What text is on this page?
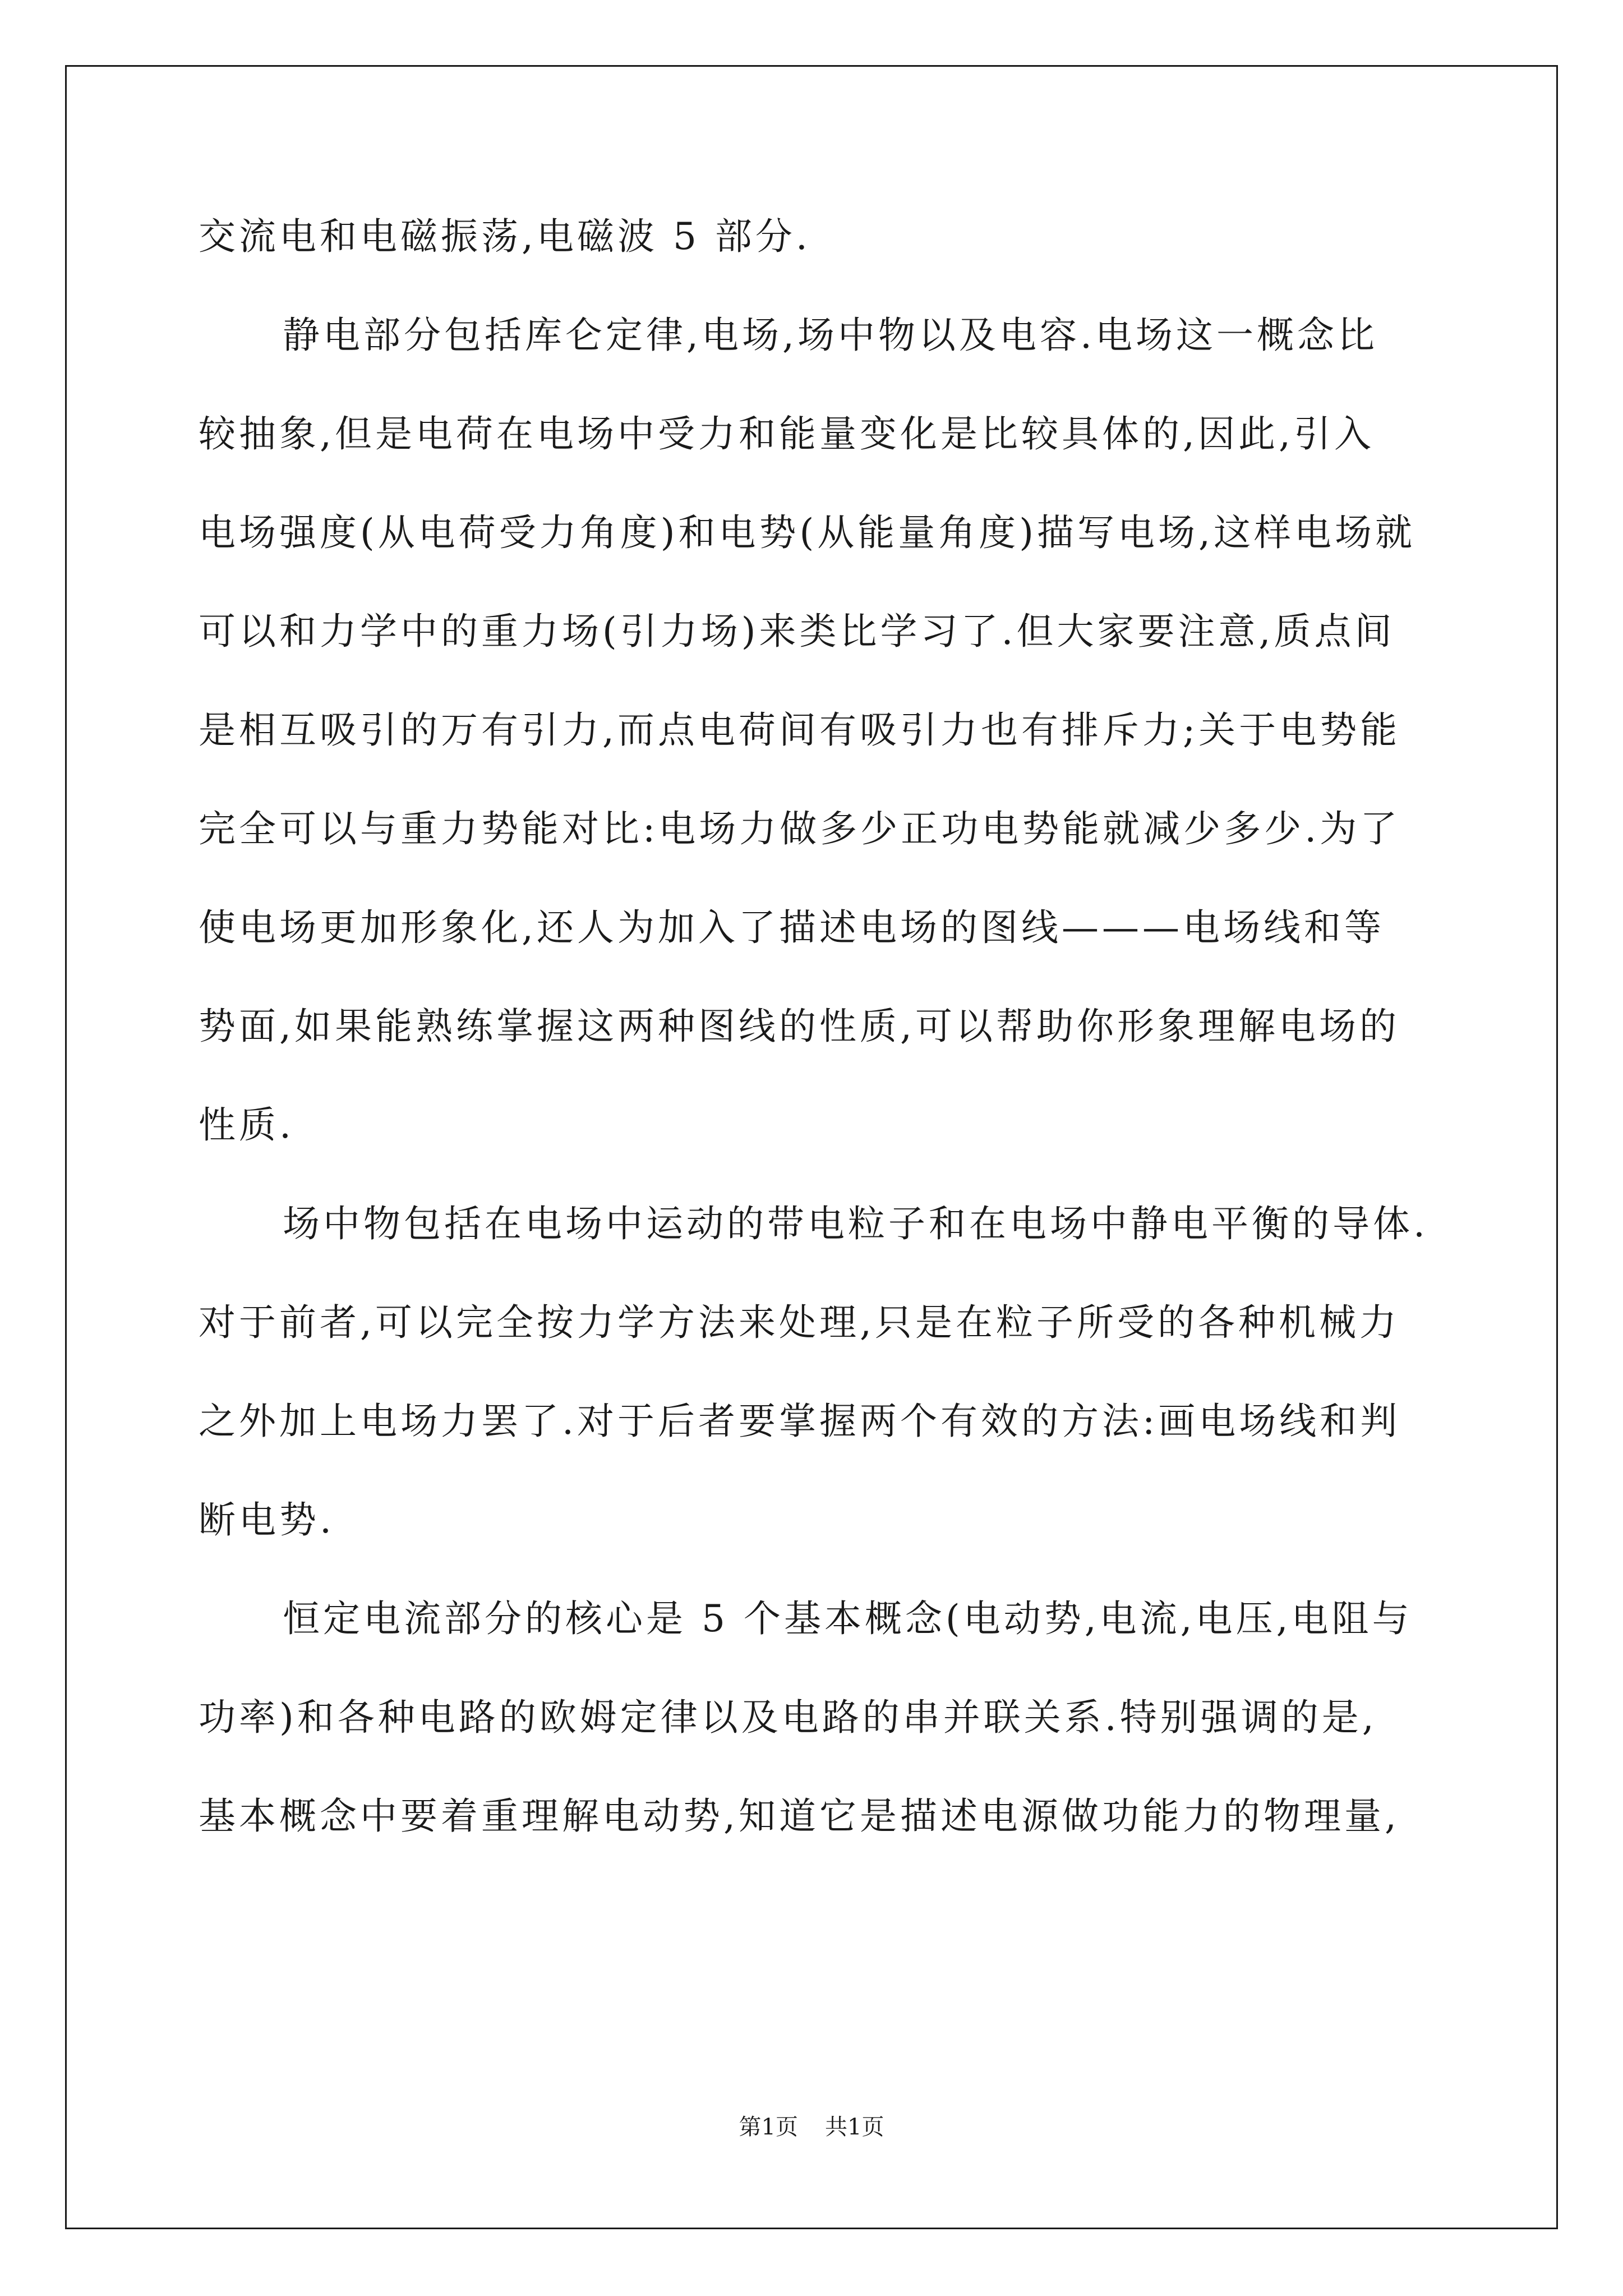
交流电和电磁振荡,电磁波 5 部分.
静电部分包括库仑定律,电场,场中物以及电容.电场这一概念比
较抽象,但是电荷在电场中受力和能量变化是比较具体的,因此,引入
电场强度(从电荷受力角度)和电势(从能量角度)描写电场,这样电场就
可以和力学中的重力场(引力场)来类比学习了.但大家要注意,质点间
是相互吸引的万有引力,而点电荷间有吸引力也有排斥力;关于电势能
完全可以与重力势能对比:电场力做多少正功电势能就减少多少.为了
使电场更加形象化,还人为加入了描述电场的图线———电场线和等
势面,如果能熟练掌握这两种图线的性质,可以帮助你形象理解电场的
性质.
场中物包括在电场中运动的带电粒子和在电场中静电平衡的导体.
对于前者,可以完全按力学方法来处理,只是在粒子所受的各种机械力
之外加上电场力罢了.对于后者要掌握两个有效的方法:画电场线和判
断电势.
恒定电流部分的核心是 5 个基本概念(电动势,电流,电压,电阻与
功率)和各种电路的欧姆定律以及电路的串并联关系.特别强调的是,
基本概念中要着重理解电动势,知道它是描述电源做功能力的物理量,
第1页 共1页
